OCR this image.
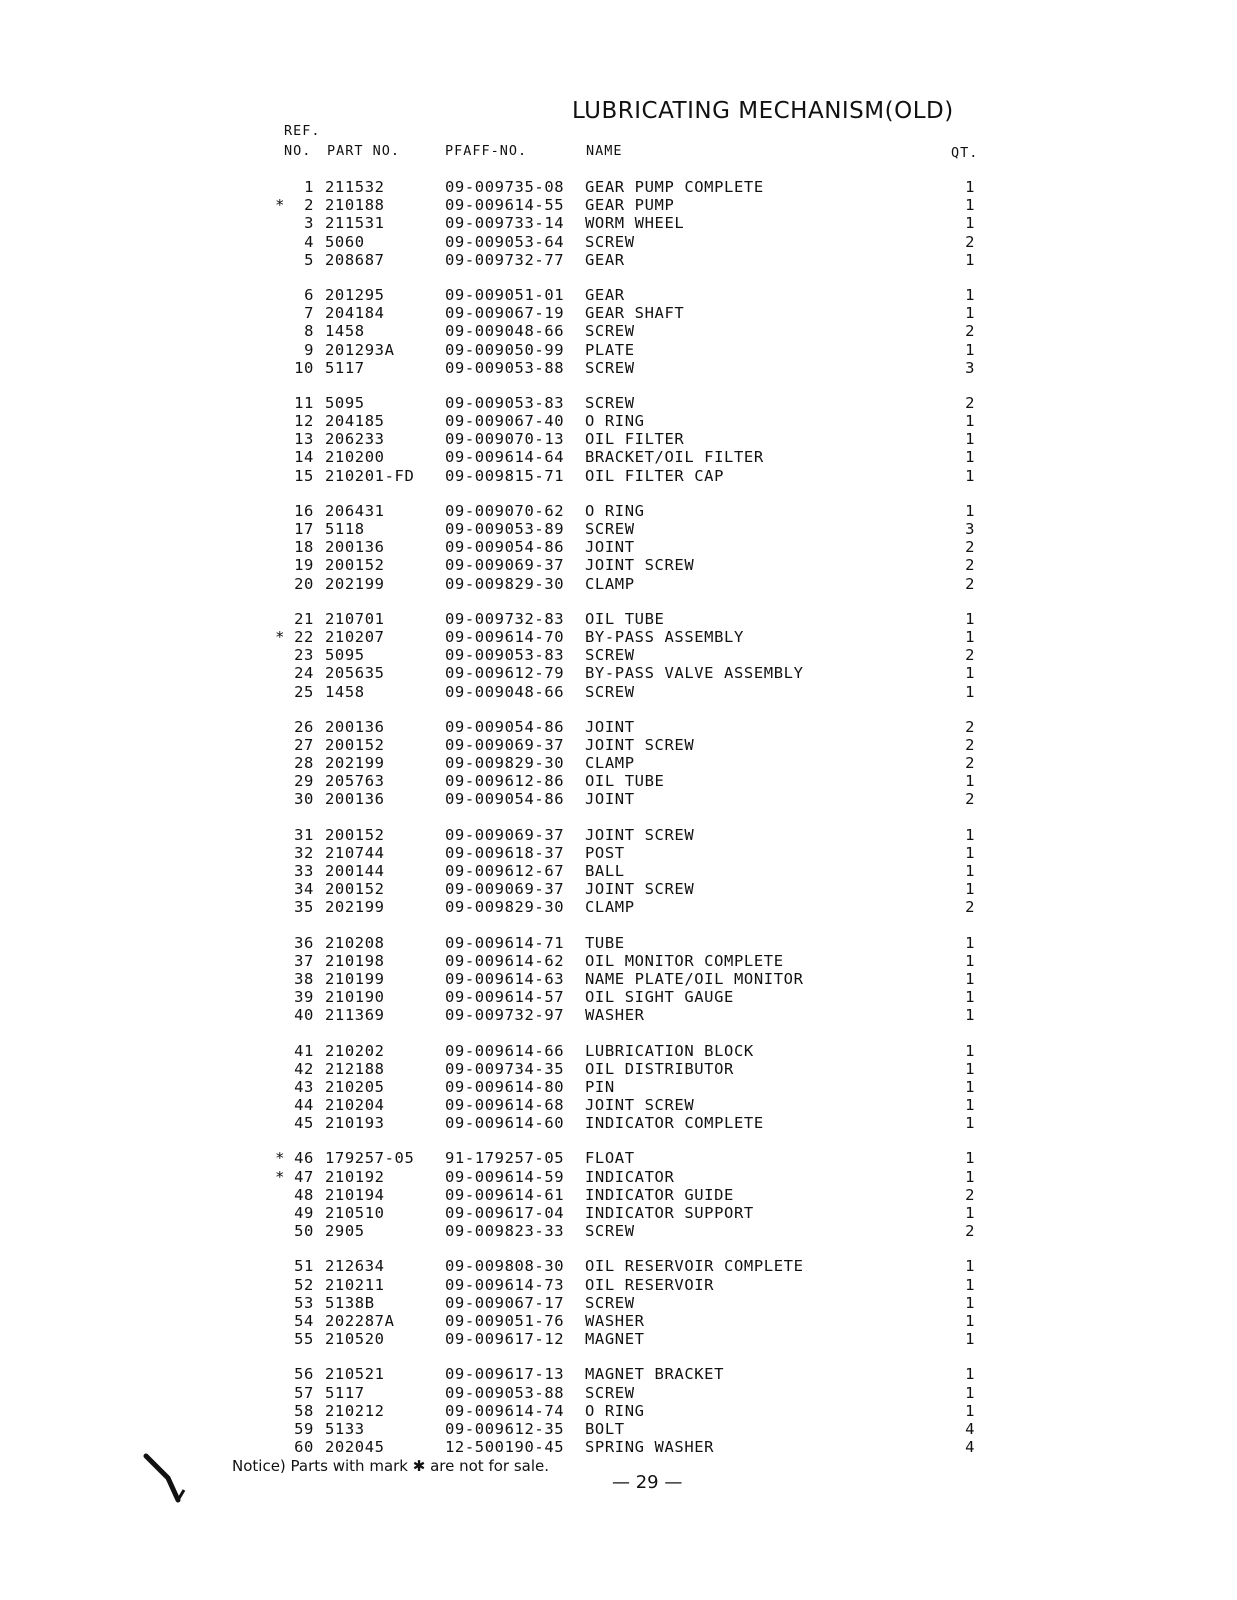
LUBRICATING MECHANISM(OLD)
REF.
NO. PART NO.	PFAFF-NO.	NAME	QT.
1 211532	09-009735-08	GEAR PUMP COMPLETE	1
*	2 210188	09-009614-55	GEAR PUMP	1
3 211531	09-009733-14	WORM WHEEL	1
4 5060	09-009053-64	SCREW	2
5 208687	09-009732-77	GEAR	1
6 201295	09-009051-01	GEAR	1
7 204184	09-009067-19	GEAR SHAFT	1
8 1458	09-009048-66	SCREW	2
9 201293A	09-009050-99	PLATE	1
10 5117	09-009053-88	SCREW	3
11 5095	09-009053-83	SCREW	2
12 204185	09-009067-40	O RING	1
13 206233	09-009070-13	OIL FILTER	1
14 210200	09-009614-64	BRACKET/OIL FILTER	1
15 210201-FD	09-009815-71	OIL FILTER CAP	1
16 206431	09-009070-62	O RING	1
17 5118	09-009053-89	SCREW	3
18 200136	09-009054-86	JOINT	2
19 200152	09-009069-37	JOINT SCREW	2
20 202199	09-009829-30	CLAMP	2
21 210701	09-009732-83	OIL TUBE	1
* 22 210207	09-009614-70	BY-PASS ASSEMBLY	1
23 5095	09-009053-83	SCREW	2
24 205635	09-009612-79	BY-PASS VALVE ASSEMBLY	1
25 1458	09-009048-66	SCREW	1
26 200136	09-009054-86	JOINT	2
27 200152	09-009069-37	JOINT SCREW	2
28 202199	09-009829-30	CLAMP	2
29 205763	09-009612-86	OIL TUBE	1
30 200136	09-009054-86	JOINT	2
31 200152	09-009069-37	JOINT SCREW	1
32 210744	09-009618-37	POST	1
33 200144	09-009612-67	BALL	1
34 200152	09-009069-37	JOINT SCREW	1
35 202199	09-009829-30	CLAMP	2
36 210208	09-009614-71	TUBE	1
37 210198	09-009614-62	OIL MONITOR COMPLETE	1
38 210199	09-009614-63	NAME PLATE/OIL MONITOR	1
39 210190	09-009614-57	OIL SIGHT GAUGE	1
40 211369	09-009732-97	WASHER	1
41 210202	09-009614-66	LUBRICATION BLOCK	1
42 212188	09-009734-35	OIL DISTRIBUTOR	1
43 210205	09-009614-80	PIN	1
44 210204	09-009614-68	JOINT SCREW	1
45 210193	09-009614-60	INDICATOR COMPLETE	1
* 46 179257-05	91-179257-05	FLOAT	1
* 47 210192	09-009614-59	INDICATOR	1
48 210194	09-009614-61	INDICATOR GUIDE	2
49 210510	09-009617-04	INDICATOR SUPPORT	1
50 2905	09-009823-33	SCREW	2
51 212634	09-009808-30	OIL RESERVOIR COMPLETE	1
52 210211	09-009614-73	OIL RESERVOIR	1
53 5138B	09-009067-17	SCREW	1
54 202287A	09-009051-76	WASHER	1
55 210520	09-009617-12	MAGNET	1
56 210521	09-009617-13	MAGNET BRACKET	1
57 5117	09-009053-88	SCREW	1
58 210212	09-009614-74	O RING	1
59 5133	09-009612-35	BOLT	4
60 202045	12-500190-45	SPRING WASHER	4
Notice) Parts with mark ✱ are not for sale.
— 29 —
